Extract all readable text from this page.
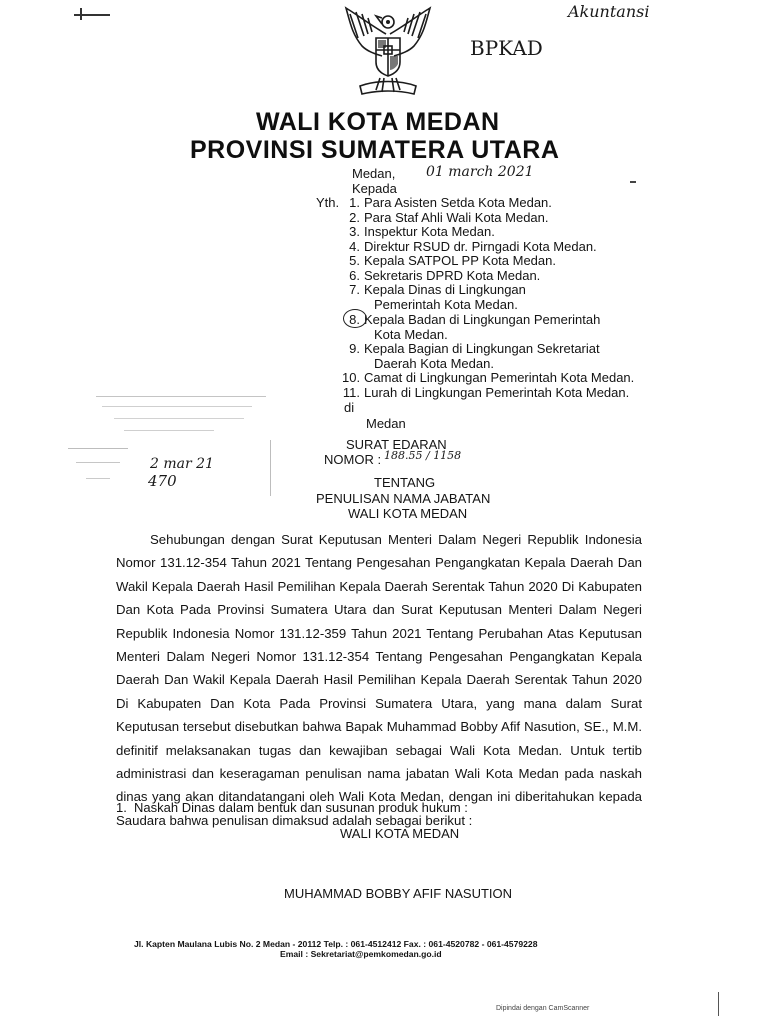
Akuntansi
BPKAD
WALI KOTA MEDAN
PROVINSI SUMATERA UTARA
Medan, 01 march 2021
Kepada
Yth. 1. Para Asisten Setda Kota Medan.
2. Para Staf Ahli Wali Kota Medan.
3. Inspektur Kota Medan.
4. Direktur RSUD dr. Pirngadi Kota Medan.
5. Kepala SATPOL PP Kota Medan.
6. Sekretaris DPRD Kota Medan.
7. Kepala Dinas di Lingkungan
Pemerintah Kota Medan.
8. Kepala Badan di Lingkungan Pemerintah
Kota Medan.
9. Kepala Bagian di Lingkungan Sekretariat
Daerah Kota Medan.
10. Camat di Lingkungan Pemerintah Kota Medan.
11. Lurah di Lingkungan Pemerintah Kota Medan.
di
Medan
2 mar 21
470
SURAT EDARAN
NOMOR : 188.55 / 1158
TENTANG
PENULISAN NAMA JABATAN
WALI KOTA MEDAN

Sehubungan dengan Surat Keputusan Menteri Dalam Negeri Republik Indonesia Nomor 131.12-354 Tahun 2021 Tentang Pengesahan Pengangkatan Kepala Daerah Dan Wakil Kepala Daerah Hasil Pemilihan Kepala Daerah Serentak Tahun 2020 Di Kabupaten Dan Kota Pada Provinsi Sumatera Utara dan Surat Keputusan Menteri Dalam Negeri Republik Indonesia Nomor 131.12-359 Tahun 2021 Tentang Perubahan Atas Keputusan Menteri Dalam Negeri Nomor 131.12-354 Tentang Pengesahan Pengangkatan Kepala Daerah Dan Wakil Kepala Daerah Hasil Pemilihan Kepala Daerah Serentak Tahun 2020 Di Kabupaten Dan Kota Pada Provinsi Sumatera Utara, yang mana dalam Surat Keputusan tersebut disebutkan bahwa Bapak Muhammad Bobby Afif Nasution, SE., M.M. definitif melaksanakan tugas dan kewajiban sebagai Wali Kota Medan. Untuk tertib administrasi dan keseragaman penulisan nama jabatan Wali Kota Medan pada naskah dinas yang akan ditandatangani oleh Wali Kota Medan, dengan ini diberitahukan kepada Saudara bahwa penulisan dimaksud adalah sebagai berikut :

1. Naskah Dinas dalam bentuk dan susunan produk hukum :
WALI KOTA MEDAN
MUHAMMAD BOBBY AFIF NASUTION
Jl. Kapten Maulana Lubis No. 2 Medan - 20112 Telp. : 061-4512412 Fax. : 061-4520782 - 061-4579228
Email : Sekretariat@pemkomedan.go.id
Dipindai dengan CamScanner
